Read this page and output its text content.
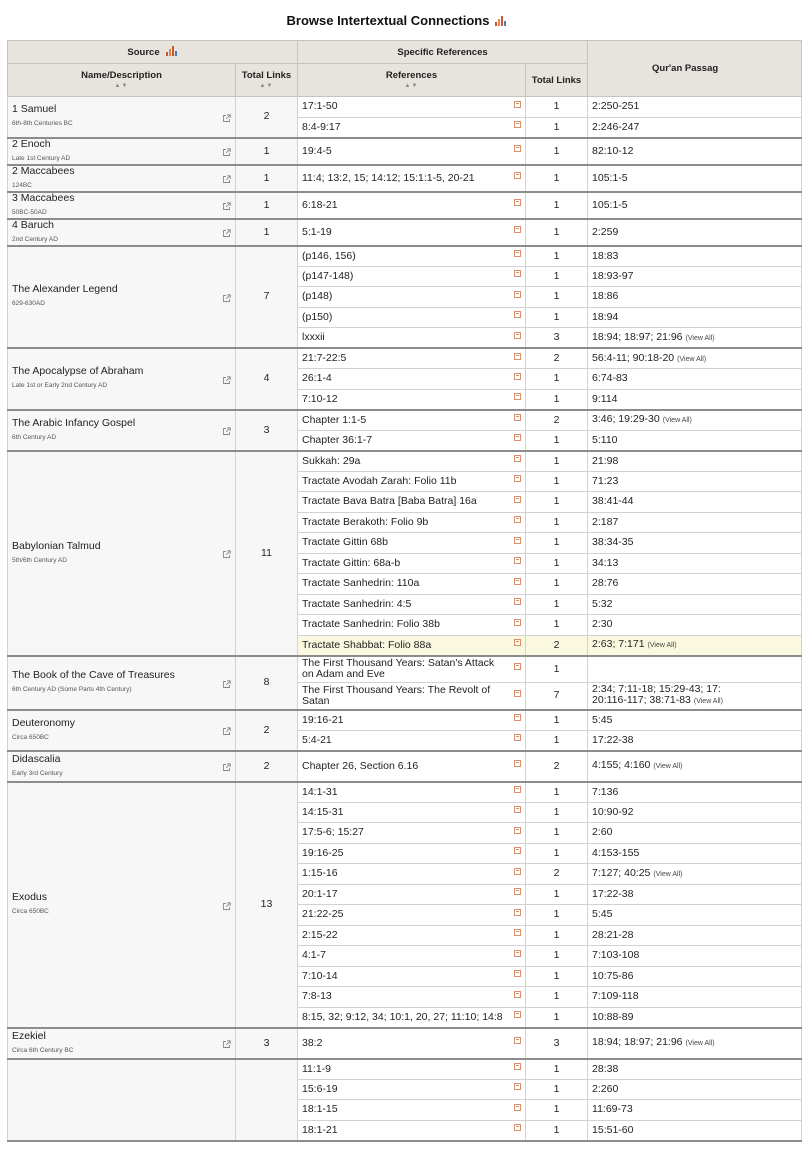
Browse Intertextual Connections
Source		Specific References		Qur'an Passag
Name/Description
▲▼	Total Links
▲▼	References
▲▼	Total Links	

1 Samuel
6th-8th Centuries BC	2	17:1-50	1	2:250-251
		8:4-9:17	1	2:246-247

2 Enoch
Late 1st Century AD	1	19:4-5	1	82:10-12

2 Maccabees
124BC	1	11:4; 13:2, 15; 14:12; 15:1:1-5, 20-21	1	105:1-5

3 Maccabees
50BC-50AD	1	6:18-21	1	105:1-5

4 Baruch
2nd Century AD	1	5:1-19	1	2:259

The Alexander Legend
629-630AD	7	(p146, 156)	1	18:83
		(p147-148)	1	18:93-97
		(p148)	1	18:86
		(p150)	1	18:94
		lxxxii	3	18:94; 18:97; 21:96 (View All)

The Apocalypse of Abraham
Late 1st or Early 2nd Century AD	4	21:7-22:5	2	56:4-11; 90:18-20 (View All)
		26:1-4	1	6:74-83
		7:10-12	1	9:114

The Arabic Infancy Gospel
6th Century AD	3	Chapter 1:1-5	2	3:46; 19:29-30 (View All)
		Chapter 36:1-7	1	5:110

Babylonian Talmud
5th/6th Century AD	11	Sukkah: 29a	1	21:98
		Tractate Avodah Zarah: Folio 11b	1	71:23
		Tractate Bava Batra [Baba Batra] 16a	1	38:41-44
		Tractate Berakoth: Folio 9b	1	2:187
		Tractate Gittin 68b	1	38:34-35
		Tractate Gittin: 68a-b	1	34:13
		Tractate Sanhedrin: 110a	1	28:76
		Tractate Sanhedrin: 4:5	1	5:32
		Tractate Sanhedrin: Folio 38b	1	2:30
		Tractate Shabbat: Folio 88a	2	2:63; 7:171 (View All)

The Book of the Cave of Treasures
6th Century AD (Some Parts 4th Century)	8	The First Thousand Years: Satan's Attack on Adam and Eve	1	
		The First Thousand Years: The Revolt of Satan	7	2:34; 7:11-18; 15:29-43; 17:
20:116-117; 38:71-83 (View All)

Deuteronomy
Circa 650BC	2	19:16-21	1	5:45
		5:4-21	1	17:22-38

Didascalia
Early 3rd Century	2	Chapter 26, Section 6.16	2	4:155; 4:160 (View All)

Exodus
Circa 650BC	13	14:1-31	1	7:136
		14:15-31	1	10:90-92
		17:5-6; 15:27	1	2:60
		19:16-25	1	4:153-155
		1:15-16	2	7:127; 40:25 (View All)
		20:1-17	1	17:22-38
		21:22-25	1	5:45
		2:15-22	1	28:21-28
		4:1-7	1	7:103-108
		7:10-14	1	10:75-86
		7:8-13	1	7:109-118
		8:15, 32; 9:12, 34; 10:1, 20, 27; 11:10; 14:8	1	10:88-89

Ezekiel
Circa 6th Century BC	3	38:2	3	18:94; 18:97; 21:96 (View All)

		11:1-9	1	28:38
		15:6-19	1	2:260
		18:1-15	1	11:69-73
		18:1-21	1	15:51-60
